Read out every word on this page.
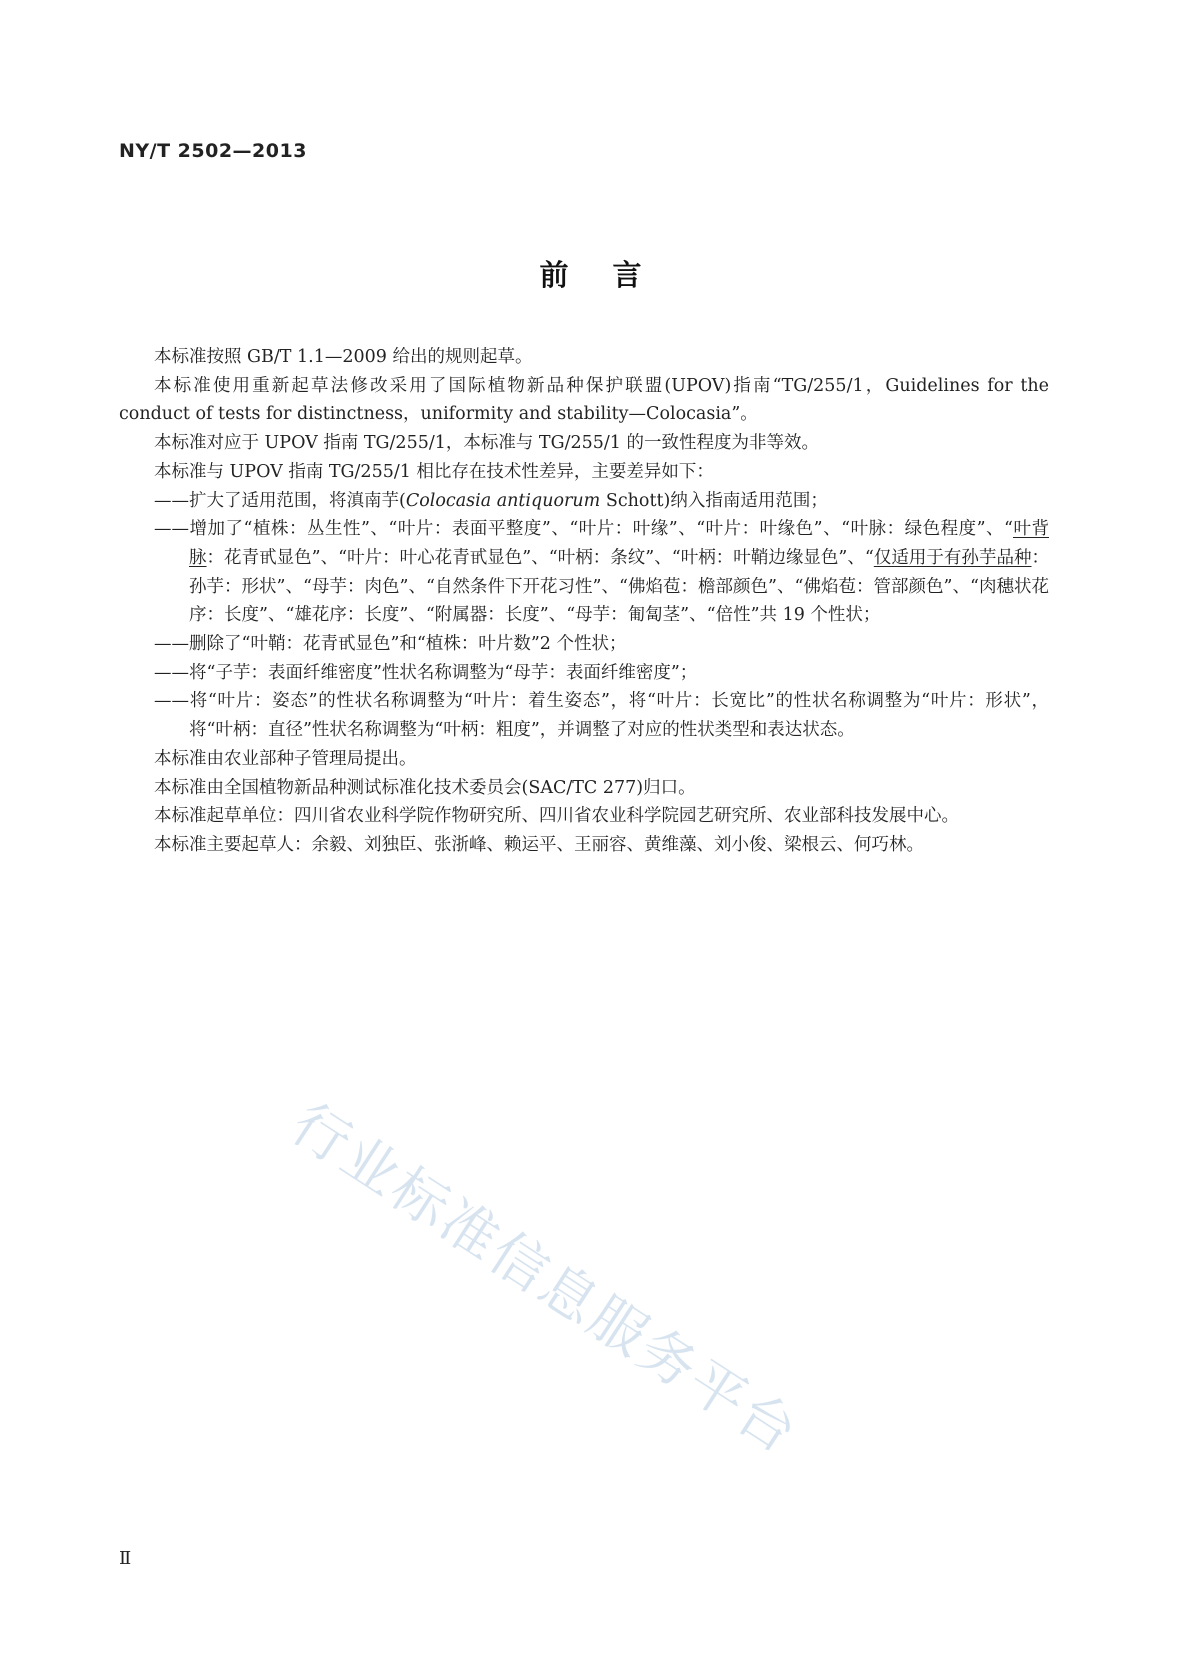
NY/T 2502—2013
前言

本标准按照 GB/T 1.1—2009 给出的规则起草。

本标准使用重新起草法修改采用了国际植物新品种保护联盟(UPOV)指南“TG/255/1，Guidelines for the conduct of tests for distinctness，uniformity and stability—Colocasia”。

本标准对应于 UPOV 指南 TG/255/1，本标准与 TG/255/1 的一致性程度为非等效。

本标准与 UPOV 指南 TG/255/1 相比存在技术性差异，主要差异如下：

——扩大了适用范围，将滇南芋(Colocasia antiquorum Schott)纳入指南适用范围；

——增加了“植株：丛生性”、“叶片：表面平整度”、“叶片：叶缘”、“叶片：叶缘色”、“叶脉：绿色程度”、“叶背脉：花青甙显色”、“叶片：叶心花青甙显色”、“叶柄：条纹”、“叶柄：叶鞘边缘显色”、“仅适用于有孙芋品种：孙芋：形状”、“母芋：肉色”、“自然条件下开花习性”、“佛焰苞：檐部颜色”、“佛焰苞：管部颜色”、“肉穗状花序：长度”、“雄花序：长度”、“附属器：长度”、“母芋：匍匐茎”、“倍性”共 19 个性状；

——删除了“叶鞘：花青甙显色”和“植株：叶片数”2 个性状；

——将“子芋：表面纤维密度”性状名称调整为“母芋：表面纤维密度”；

——将“叶片：姿态”的性状名称调整为“叶片：着生姿态”，将“叶片：长宽比”的性状名称调整为“叶片：形状”，将“叶柄：直径”性状名称调整为“叶柄：粗度”，并调整了对应的性状类型和表达状态。

本标准由农业部种子管理局提出。

本标准由全国植物新品种测试标准化技术委员会(SAC/TC 277)归口。

本标准起草单位：四川省农业科学院作物研究所、四川省农业科学院园艺研究所、农业部科技发展中心。

本标准主要起草人：余毅、刘独臣、张浙峰、赖运平、王丽容、黄维藻、刘小俊、梁根云、何巧林。

行业标准信息服务平台
Ⅱ
